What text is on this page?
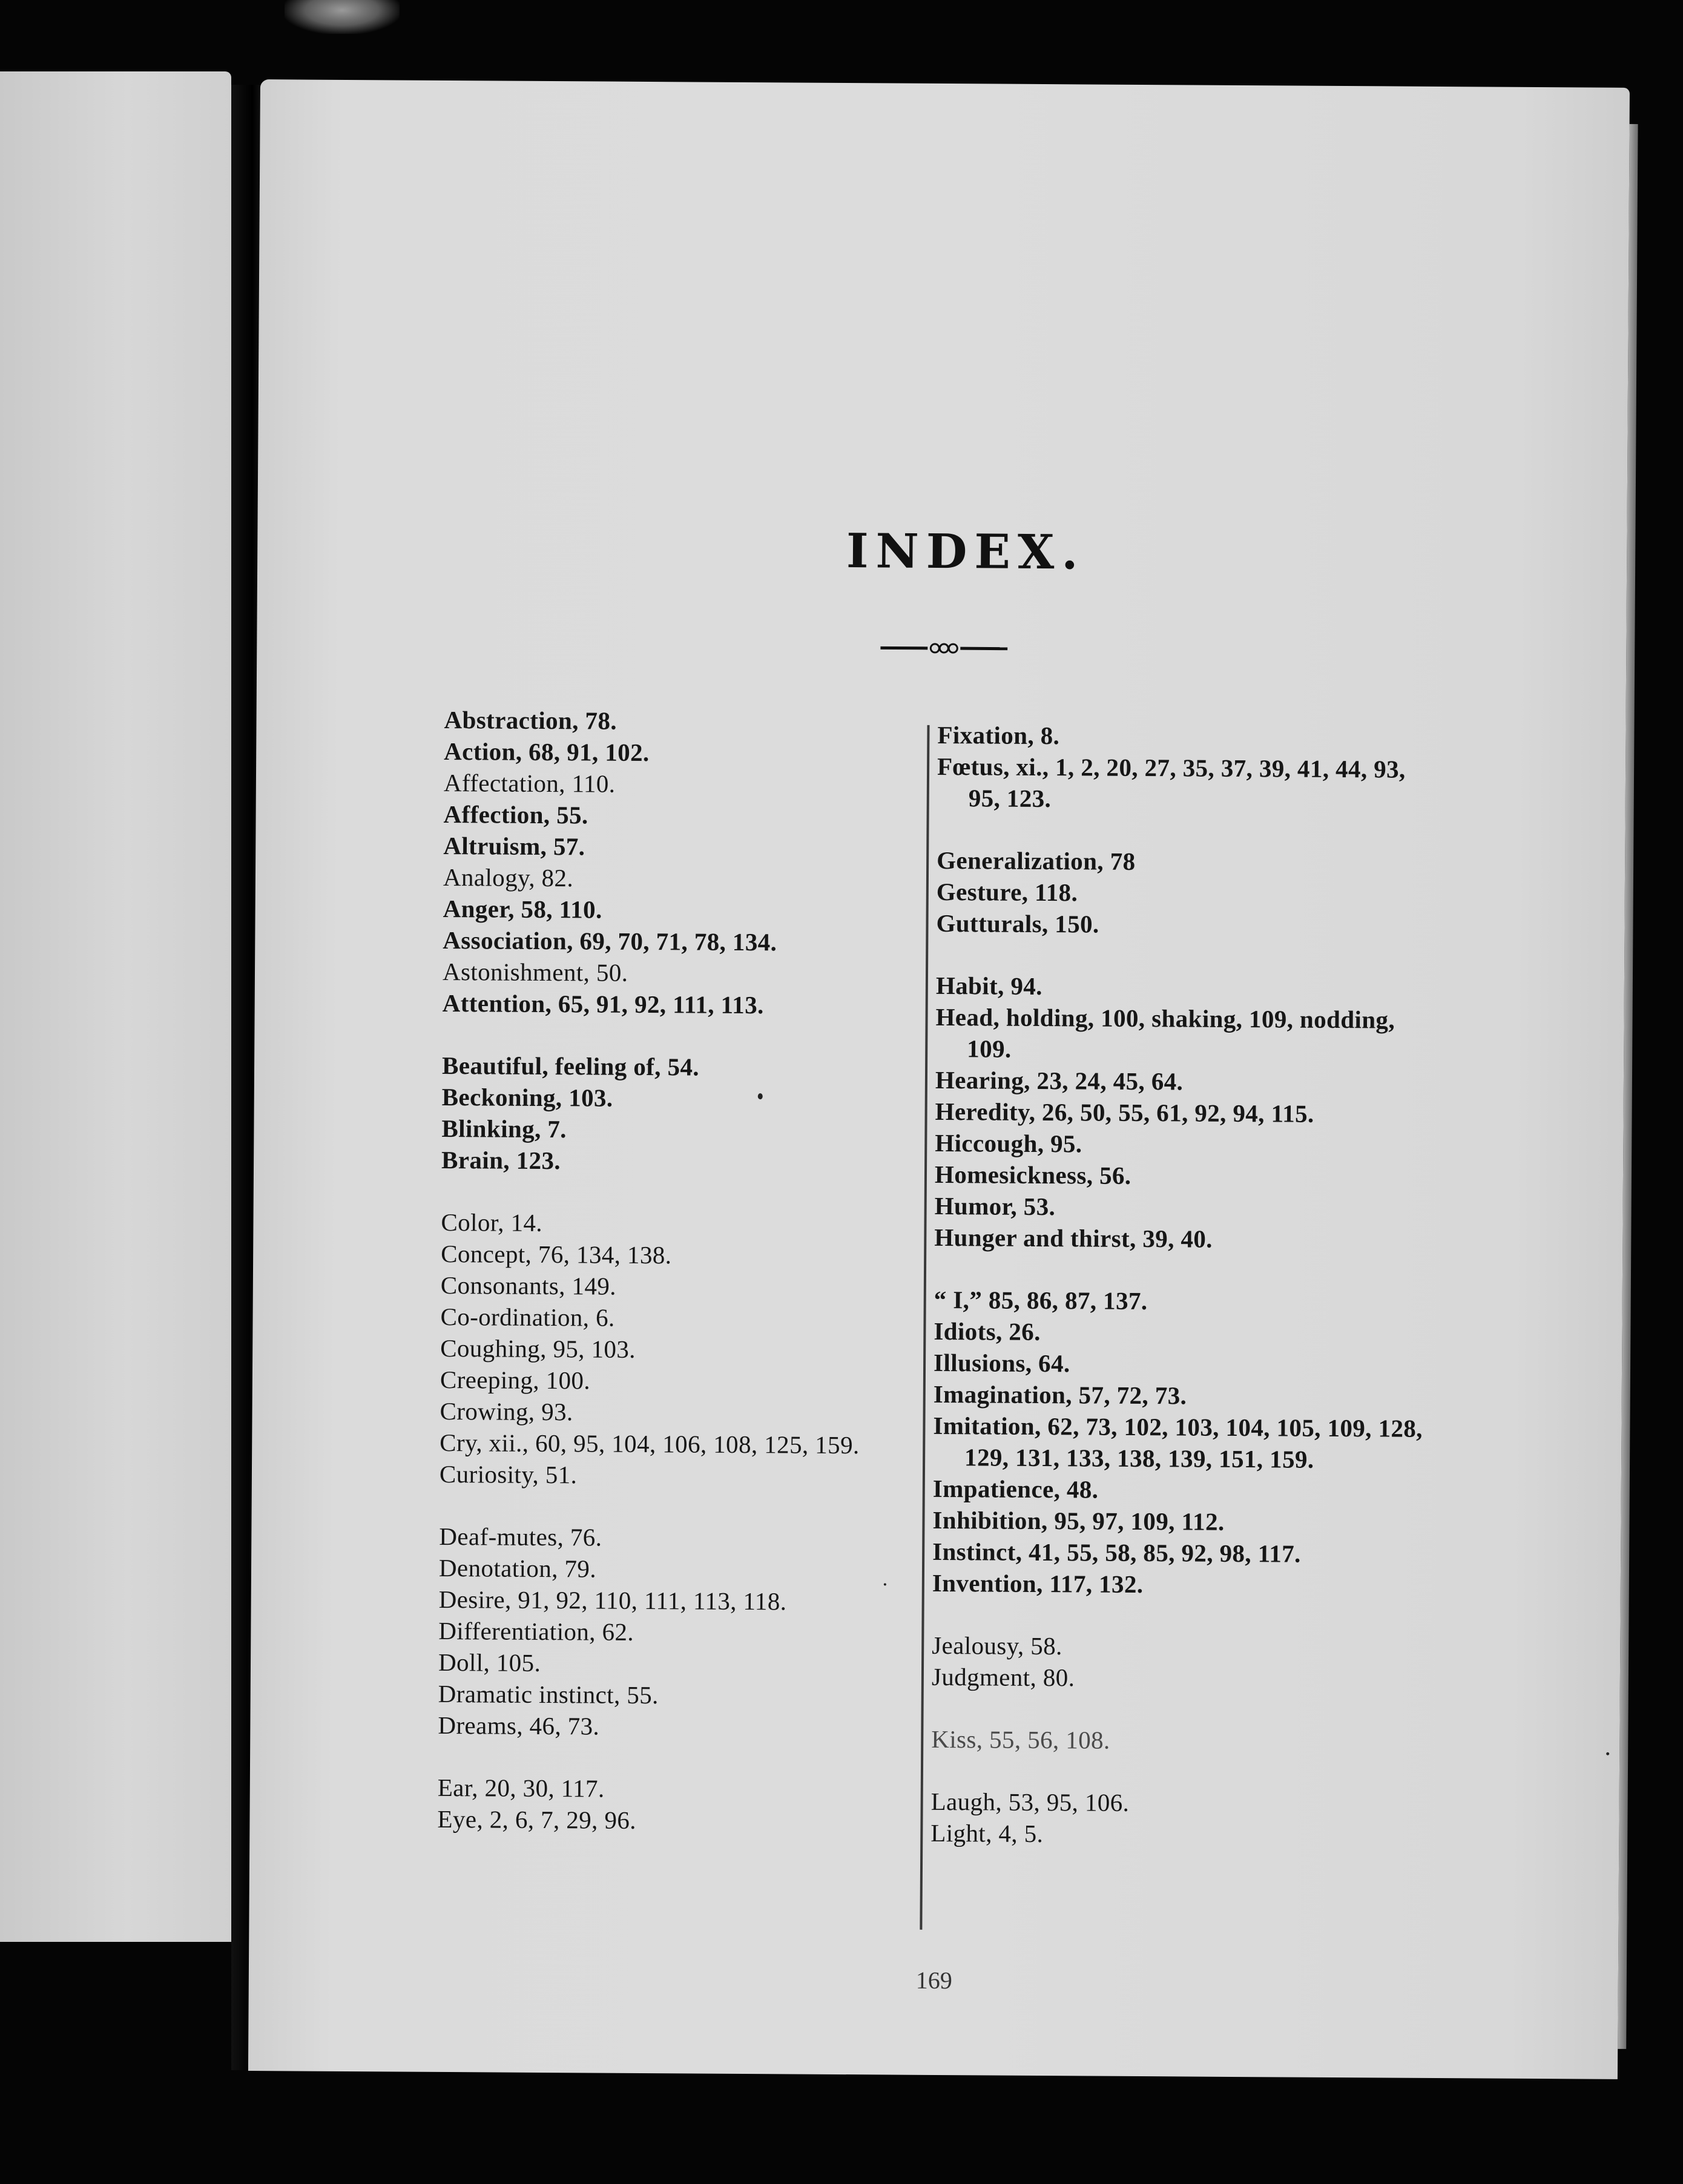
INDEX.
Abstraction, 78.
Action, 68, 91, 102.
Affectation, 110.
Affection, 55.
Altruism, 57.
Analogy, 82.
Anger, 58, 110.
Association, 69, 70, 71, 78, 134.
Astonishment, 50.
Attention, 65, 91, 92, 111, 113.
Beautiful, feeling of, 54.
Beckoning, 103.
Blinking, 7.
Brain, 123.
Color, 14.
Concept, 76, 134, 138.
Consonants, 149.
Co-ordination, 6.
Coughing, 95, 103.
Creeping, 100.
Crowing, 93.
Cry, xii., 60, 95, 104, 106, 108, 125, 159.
Curiosity, 51.
Deaf-mutes, 76.
Denotation, 79.
Desire, 91, 92, 110, 111, 113, 118.
Differentiation, 62.
Doll, 105.
Dramatic instinct, 55.
Dreams, 46, 73.
Ear, 20, 30, 117.
Eye, 2, 6, 7, 29, 96.
Fixation, 8.
Fœtus, xi., 1, 2, 20, 27, 35, 37, 39, 41, 44, 93, 95, 123.
Generalization, 78
Gesture, 118.
Gutturals, 150.
Habit, 94.
Head, holding, 100, shaking, 109, nodding, 109.
Hearing, 23, 24, 45, 64.
Heredity, 26, 50, 55, 61, 92, 94, 115.
Hiccough, 95.
Homesickness, 56.
Humor, 53.
Hunger and thirst, 39, 40.
“ I,” 85, 86, 87, 137.
Idiots, 26.
Illusions, 64.
Imagination, 57, 72, 73.
Imitation, 62, 73, 102, 103, 104, 105, 109, 128, 129, 131, 133, 138, 139, 151, 159.
Impatience, 48.
Inhibition, 95, 97, 109, 112.
Instinct, 41, 55, 58, 85, 92, 98, 117.
Invention, 117, 132.
Jealousy, 58.
Judgment, 80.
Kiss, 55, 56, 108.
Laugh, 53, 95, 106.
Light, 4, 5.

169
